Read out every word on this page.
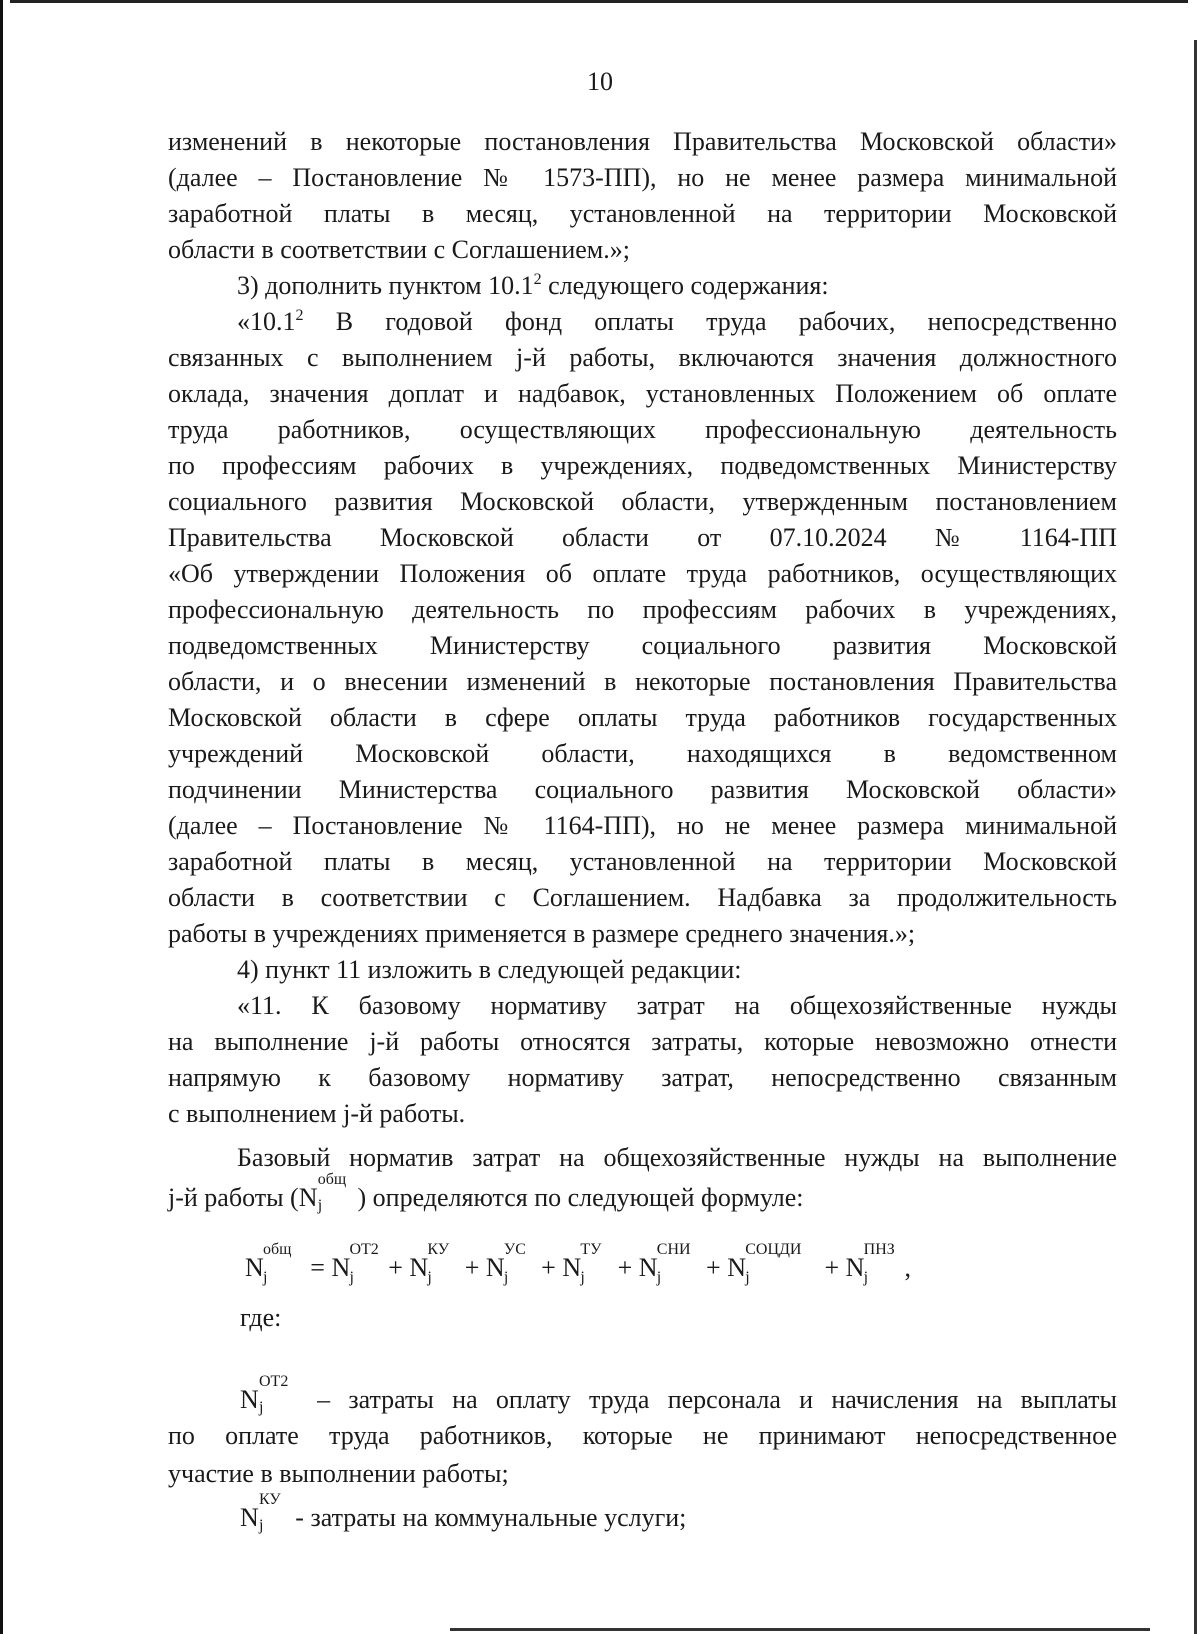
10
изменений в некоторые постановления Правительства Московской области»
(далее – Постановление № 1573-ПП), но не менее размера минимальной
заработной платы в месяц, установленной на территории Московской
области в соответствии с Соглашением.»;
3) дополнить пунктом 10.1$^2$ следующего содержания:
«10.1$^2$ В годовой фонд оплаты труда рабочих, непосредственно
связанных с выполнением j-й работы, включаются значения должностного
оклада, значения доплат и надбавок, установленных Положением об оплате
труда работников, осуществляющих профессиональную деятельность
по профессиям рабочих в учреждениях, подведомственных Министерству
социального развития Московской области, утвержденным постановлением
Правительства Московской области от 07.10.2024 № 1164-ПП
«Об утверждении Положения об оплате труда работников, осуществляющих
профессиональную деятельность по профессиям рабочих в учреждениях,
подведомственных Министерству социального развития Московской
области, и о внесении изменений в некоторые постановления Правительства
Московской области в сфере оплаты труда работников государственных
учреждений Московской области, находящихся в ведомственном
подчинении Министерства социального развития Московской области»
(далее – Постановление № 1164-ПП), но не менее размера минимальной
заработной платы в месяц, установленной на территории Московской
области в соответствии с Соглашением. Надбавка за продолжительность
работы в учреждениях применяется в размере среднего значения.»;
4) пункт 11 изложить в следующей редакции:
«11. К базовому нормативу затрат на общехозяйственные нужды
на выполнение j-й работы относятся затраты, которые невозможно отнести
напрямую к базовому нормативу затрат, непосредственно связанным
с выполнением j-й работы.
Базовый норматив затрат на общехозяйственные нужды на выполнение
j-й работы (N
общ
j ) определяются по следующей формуле:
N
общ
j = N
ОТ2
j + N
КУ
j + N
УС
j + N
ТУ
j + N
СНИ
j + N
СОЦДИ
j	+ N
ПНЗ
j ,
где:
N
ОТ2
j – затраты на оплату труда персонала и начисления на выплаты
по оплате труда работников, которые не принимают непосредственное
участие в выполнении работы;
N
КУ
j - затраты на коммунальные услуги;
